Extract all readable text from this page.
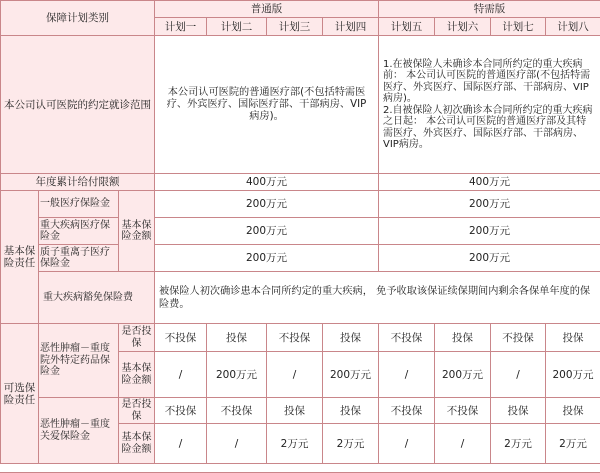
保障计划类别			普通版				特需版			
			计划一	计划二	计划三	计划四	计划五	计划六	计划七	计划八
本公司认可医院的约定就诊范围			本公司认可医院的普通医疗部(不包括特需医疗、外宾医疗、国际医疗部、干部病房、VIP病房)。				1.在被保险人未确诊本合同所约定的重大疾病前： 本公司认可医院的普通医疗部(不包括特需医疗、外宾医疗、国际医疗部、干部病房、VIP病房)。
2.自被保险人初次确诊本合同所约定的重大疾病之日起： 本公司认可医院的普通医疗部及其特需医疗、外宾医疗、国际医疗部、干部病房、VIP病房。			

年度累计给付限额			400万元				400万元			
基本保险责任	一般医疗保险金	基本保险金额	200万元				200万元			
	重大疾病医疗保险金		200万元				200万元			
	质子重离子医疗保险金		200万元				200万元			
	重大疾病豁免保险费		被保险人初次确诊患本合同所约定的重大疾病， 免予收取该保证续保期间内剩余各保单年度的保险费。							
可选保险责任	恶性肿瘤－重度院外特定药品保险金	是否投保	不投保	投保	不投保	投保	不投保	投保	不投保	投保
		基本保险金额	/	200万元	/	200万元	/	200万元	/	200万元
	恶性肿瘤－重度关爱保险金	是否投保	不投保	不投保	投保	投保	不投保	不投保	投保	投保
		基本保险金额	/	/	2万元	2万元	/	/	2万元	2万元
